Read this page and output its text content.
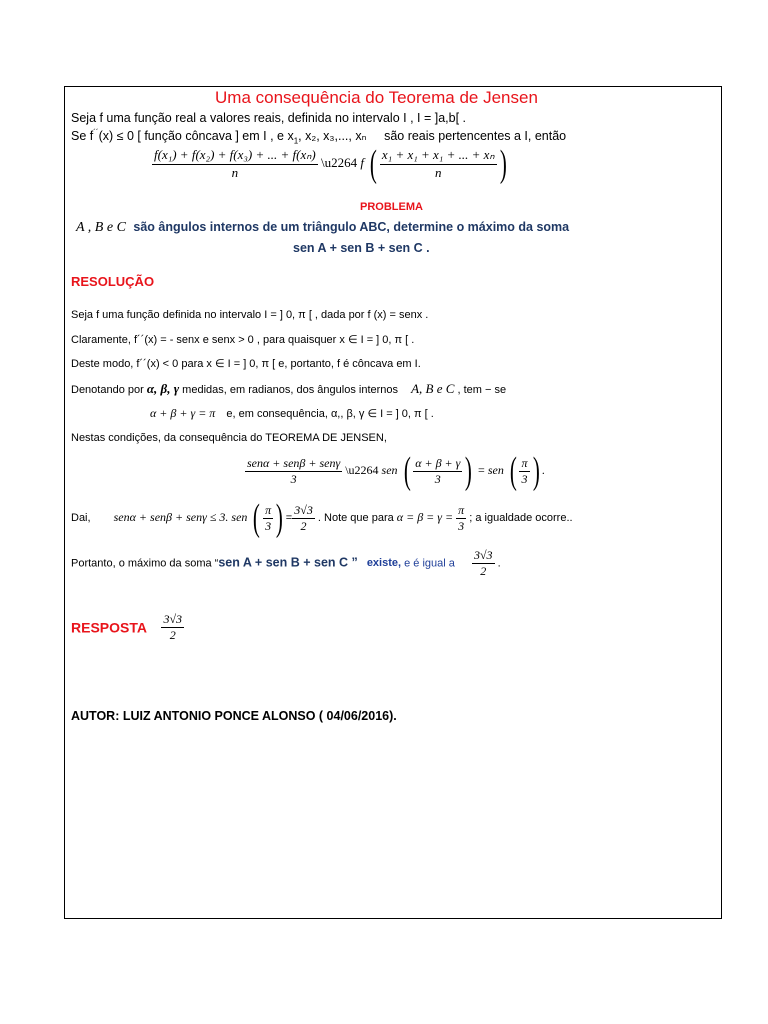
Uma consequência do Teorema de Jensen
Seja f uma função real a valores reais, definida no intervalo I , I = ]a,b[ .
Se f´´(x) ≤ 0 [ função côncava ] em I , e $x_1$, x₂, x₃,..., xₙ são reais pertencentes a I, então
$\frac{\text{f(x₁) + f(x₂) + f(x₃) + ... + f(xₙ)}}{n}$ \u2264 f ( $\frac{\text{x₁ + x₁ + x₁ + ... + xₙ}}{n}$ )
PROBLEMA
A , B e C são ângulos internos de um triângulo ABC, determine o máximo da soma
sen A + sen B + sen C .
RESOLUÇÃO
Seja f uma função definida no intervalo I = ] 0, π [ , dada por f (x) = senx .
Claramente, f´´(x) = - senx e senx > 0 , para quaisquer x ∈ I = ] 0, π [ .
Deste modo, f´´(x) < 0 para x ∈ I = ] 0, π [ e, portanto, f é côncava em I.
Denotando por α, β, γ medidas, em radianos, dos ângulos internos A, B e C , tem − se
α + β + γ = π e, em consequência, α,, β, γ ∈ I = ] 0, π [ .
Nestas condições, da consequência do TEOREMA DE JENSEN,
$\frac{\text{senα + senβ + senγ}}{3}$ \u2264 sen ( $\frac{\alpha + \beta + \gamma}{3}$ ) = sen ( $\frac{\pi}{3}$ ) .
Dai, senα + senβ + senγ ≤ 3. sen ( $\frac{\pi}{3}$ ) = $\frac{3√3}{2}$ . Note que para $\alpha = \beta = \gamma = \frac{\pi}{3}$ ; a igualdade ocorre..
Portanto, o máximo da soma “sen A + sen B + sen C ” existe, e é igual a $\frac{3√3}{2}$ .
RESPOSTA $\frac{3√3}{2}$
AUTOR: LUIZ ANTONIO PONCE ALONSO ( 04/06/2016).
